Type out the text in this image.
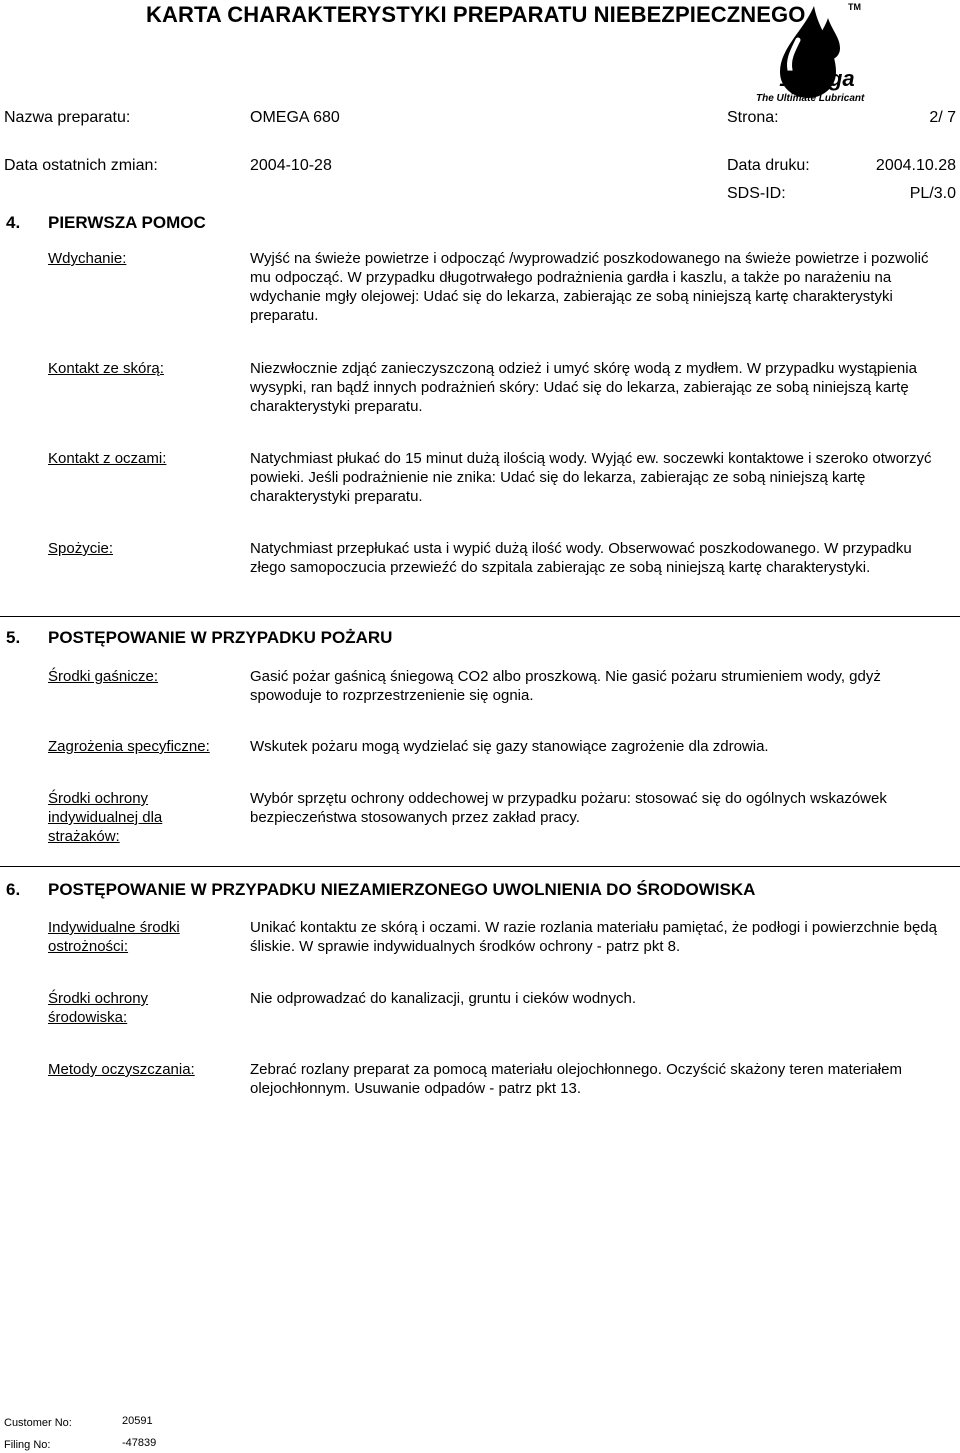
KARTA CHARAKTERYSTYKI PREPARATU NIEBEZPIECZNEGO	TM
Ωmega
The Ultimate Lubricant
Nazwa preparatu:	OMEGA 680	Strona:	2/ 7
Data ostatnich zmian:	2004-10-28	Data druku:	2004.10.28
SDS-ID:	PL/3.0
4. PIERWSZA POMOC
Wdychanie:	Wyjść na świeże powietrze i odpocząć /wyprowadzić poszkodowanego na świeże powietrze i pozwolić mu odpocząć. W przypadku długotrwałego podrażnienia gardła i kaszlu, a także po narażeniu na wdychanie mgły olejowej: Udać się do lekarza, zabierając ze sobą niniejszą kartę charakterystyki preparatu.
Kontakt ze skórą:	Niezwłocznie zdjąć zanieczyszczoną odzież i umyć skórę wodą z mydłem. W przypadku wystąpienia wysypki, ran bądź innych podrażnień skóry: Udać się do lekarza, zabierając ze sobą niniejszą kartę charakterystyki preparatu.
Kontakt z oczami:	Natychmiast płukać do 15 minut dużą ilością wody. Wyjąć ew. soczewki kontaktowe i szeroko otworzyć powieki. Jeśli podrażnienie nie znika: Udać się do lekarza, zabierając ze sobą niniejszą kartę charakterystyki preparatu.
Spożycie:	Natychmiast przepłukać usta i wypić dużą ilość wody. Obserwować poszkodowanego. W przypadku złego samopoczucia przewieźć do szpitala zabierając ze sobą niniejszą kartę charakterystyki.
5. POSTĘPOWANIE W PRZYPADKU POŻARU
Środki gaśnicze:	Gasić pożar gaśnicą śniegową CO2 albo proszkową. Nie gasić pożaru strumieniem wody, gdyż spowoduje to rozprzestrzenienie się ognia.
Zagrożenia specyficzne:	Wskutek pożaru mogą wydzielać się gazy stanowiące zagrożenie dla zdrowia.
Środki ochrony indywidualnej dla strażaków:
Wybór sprzętu ochrony oddechowej w przypadku pożaru: stosować się do ogólnych wskazówek bezpieczeństwa stosowanych przez zakład pracy.
6. POSTĘPOWANIE W PRZYPADKU NIEZAMIERZONEGO UWOLNIENIA DO ŚRODOWISKA
Indywidualne środki ostrożności:
Unikać kontaktu ze skórą i oczami. W razie rozlania materiału pamiętać, że podłogi i powierzchnie będą śliskie. W sprawie indywidualnych środków ochrony - patrz pkt 8.
Środki ochrony środowiska:
Nie odprowadzać do kanalizacji, gruntu i cieków wodnych.
Metody oczyszczania:	Zebrać rozlany preparat za pomocą materiału olejochłonnego. Oczyścić skażony teren materiałem olejochłonnym. Usuwanie odpadów - patrz pkt 13.
Customer No:	20591
Filing No:	-47839
